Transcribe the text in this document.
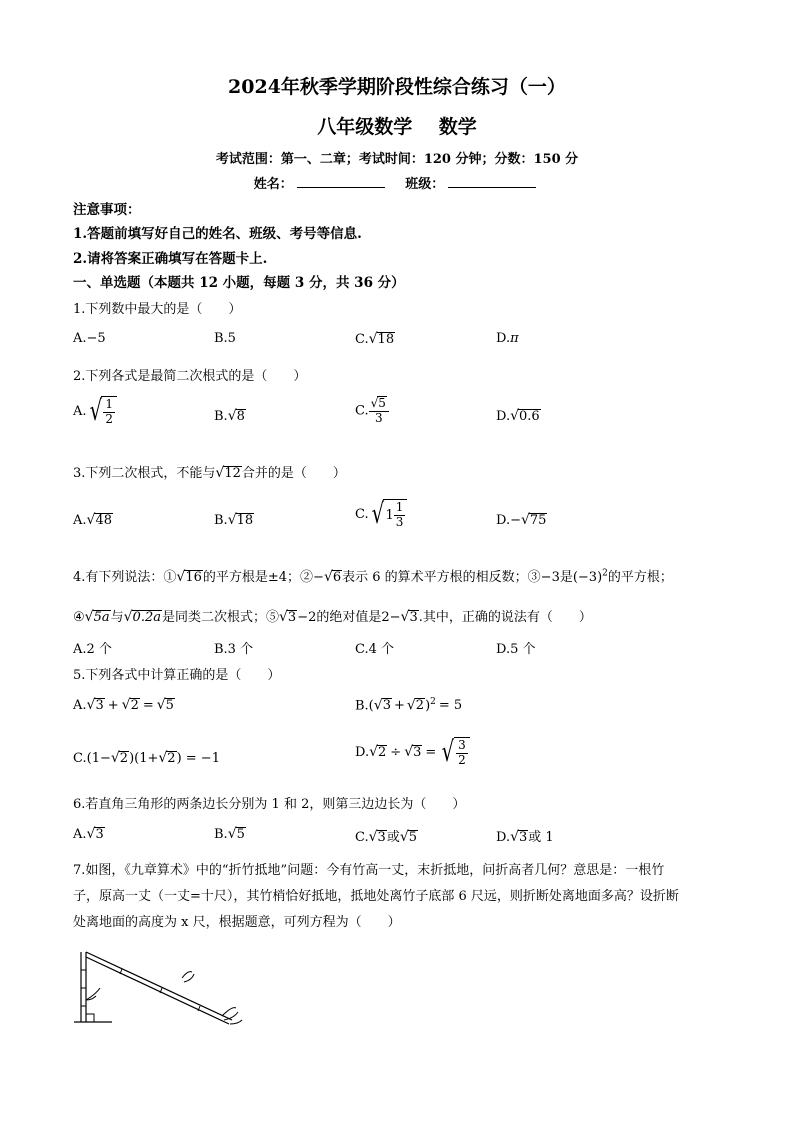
2024年秋季学期阶段性综合练习（一）
八年级数学    数学
考试范围：第一、二章；考试时间：120 分钟；分数：150 分
姓名：	班级：
注意事项：
1.答题前填写好自己的姓名、班级、考号等信息.
2.请将答案正确填写在答题卡上.
一、单选题（本题共 12 小题，每题 3 分，共 36 分）
1.下列数中最大的是（　　）
A.−5	B.5	C.√18	D.π
2.下列各式是最简二次根式的是（　　）
A. √ $\frac{1}{2}$	B.√8	C. $\frac{√5}{3}$	D.√0.6
3.下列二次根式，不能与√12合并的是（　　）
A.√48	B.√18	C. √ $1 \frac{1}{3}$	D.−√75
4.有下列说法：①√16的平方根是±4；②−√6表示 6 的算术平方根的相反数；③−3是$(-3)^2$的平方根；
④√5a与√0.2a是同类二次根式；⑤√3−2的绝对值是2−√3.其中，正确的说法有（　　）
A.2 个	B.3 个	C.4 个	D.5 个
5.下列各式中计算正确的是（　　）
A.√3 + √2 = √5	$B.(√3 + √2)^2 = 5$
C.(1−√2)(1+√2) = −1	D.√2 ÷ √3 = √ $\frac{3}{2}$
6.若直角三角形的两条边长分别为 1 和 2，则第三边边长为（　　）
A.√3	B.√5	C.√3或√5	D.√3或 1
7.如图，《九章算术》中的“折竹抵地”问题：今有竹高一丈，末折抵地，问折高者几何？意思是：一根竹
子，原高一丈（一丈=十尺），其竹梢恰好抵地，抵地处离竹子底部 6 尺远，则折断处离地面多高？设折断
处离地面的高度为 x 尺，根据题意，可列方程为（　　）
